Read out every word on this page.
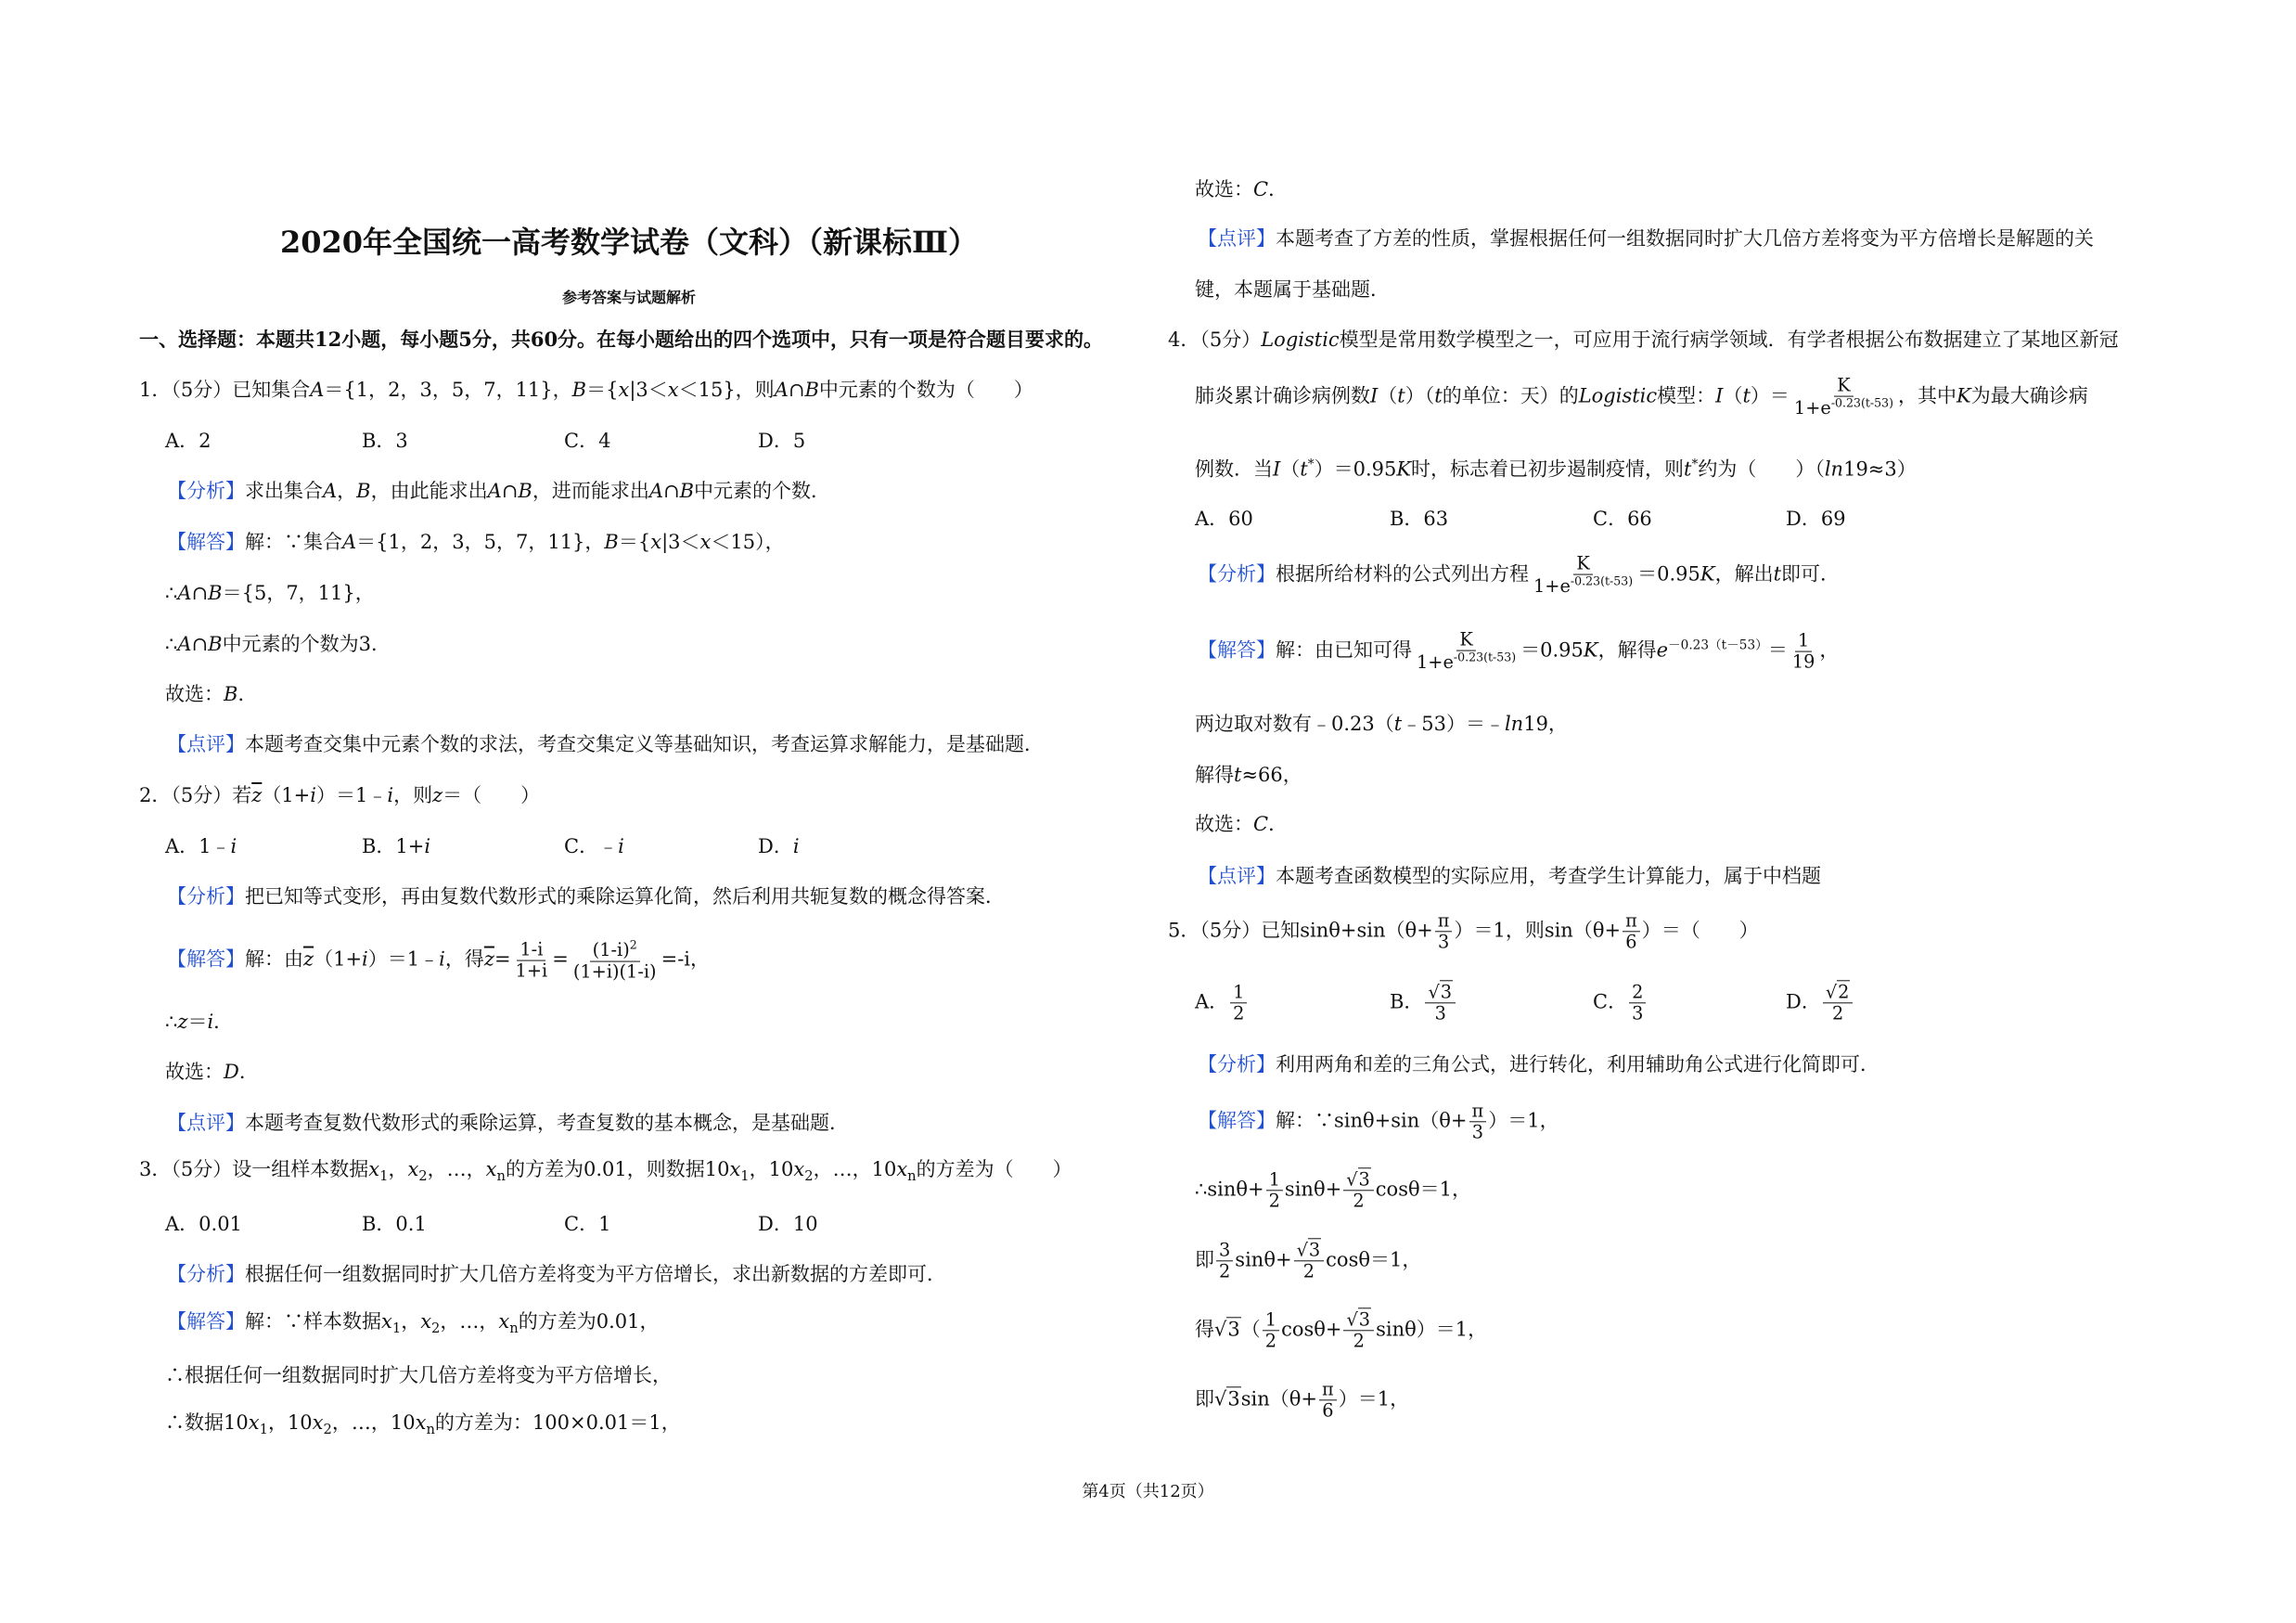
2020年全国统一高考数学试卷（文科）（新课标Ⅲ）
参考答案与试题解析
一、选择题：本题共12小题，每小题5分，共60分。在每小题给出的四个选项中，只有一项是符合题目要求的。
1．（5分）已知集合A＝{1，2，3，5，7，11}，B＝{x|3＜x＜15}，则A∩B中元素的个数为（　　）
A．2	B．3	C．4	D．5
【分析】求出集合A，B，由此能求出A∩B，进而能求出A∩B中元素的个数．
【解答】解：∵集合A＝{1，2，3，5，7，11}，B＝{x|3＜x＜15），
∴A∩B＝{5，7，11}，
∴A∩B中元素的个数为3．
故选：B．
【点评】本题考查交集中元素个数的求法，考查交集定义等基础知识，考查运算求解能力，是基础题．
2．（5分）若$\overline{z}(1+i)=1﹣i$，则z＝（　　）
A．1﹣i	B．1+i	C．﹣i	D．i
【分析】把已知等式变形，再由复数代数形式的乘除运算化简，然后利用共轭复数的概念得答案．
【解答】解：由$\overline{z}(1+i)=1﹣i$，得$\overline{z}= \frac{1-i}{1+i} = \frac{(1-i)^2}{(1+i)(1-i)} =-i$，
∴z＝i．
故选：D．
【点评】本题考查复数代数形式的乘除运算，考查复数的基本概念，是基础题．
3．（5分）设一组样本数据$x_1$，$x_2$，…，$x_n$的方差为0.01，则数据$10x_1$，$10x_2$，…，$10x_n$的方差为（　　）
A．0.01	B．0.1	C．1	D．10
【分析】根据任何一组数据同时扩大几倍方差将变为平方倍增长，求出新数据的方差即可．
【解答】解：∵样本数据$x_1$，$x_2$，…，$x_n$的方差为0.01，
∴根据任何一组数据同时扩大几倍方差将变为平方倍增长，
∴数据$10x_1$，$10x_2$，…，$10x_n$的方差为：100×0.01＝1，
故选：C．
【点评】本题考查了方差的性质，掌握根据任何一组数据同时扩大几倍方差将变为平方倍增长是解题的关
键，本题属于基础题．
4．（5分）Logistic模型是常用数学模型之一，可应用于流行病学领域．有学者根据公布数据建立了某地区新冠
肺炎累计确诊病例数I（t）（t的单位：天）的Logistic模型：$I(t)= \frac{K}{1+e^{-0.23(t-53)}}$ ，其中K为最大确诊病
例数．当I（t*）＝0.95K时，标志着已初步遏制疫情，则t*约为（　　）（ln19≈3）
A．60	B．63	C．66	D．69
【分析】根据所给材料的公式列出方程 $\frac{K}{1+e^{-0.23(t-53)}} =0.95K$，解出t即可．
【解答】解：由已知可得 $\frac{K}{1+e^{-0.23(t-53)}} =0.95K$，解得$e^{-0.23(t-53)}= \frac{1}{19}$ ，
两边取对数有﹣0.23（t﹣53）＝﹣ln19，
解得t≈66，
故选：C．
【点评】本题考查函数模型的实际应用，考查学生计算能力，属于中档题
5．（5分）已知$\sin\theta+\sin(\theta+ \frac{\pi}{3} )=1$，则$\sin(\theta+ \frac{\pi}{6}$ ）＝（　　）
A． $\frac{1}{2}$	B． $\frac{√3}{3}$	C． $\frac{2}{3}$	D． $\frac{√2}{2}$
【分析】利用两角和差的三角公式，进行转化，利用辅助角公式进行化简即可．
【解答】解：∵sinθ+sin（θ+ $\frac{\pi}{3} )=1$，
∴sinθ+ $\frac{1}{2} \sin\theta+ \frac{√3}{2} \cos\theta=1$，
即 $\frac{3}{2} \sin\theta+ \frac{√3}{2} \cos\theta=1$，
得$√3( \frac{1}{2} \cos\theta+ \frac{√3}{2} \sin\theta)=1$，
即$√3\sin(\theta+ \frac{\pi}{6} )=1$，
第4页（共12页）
